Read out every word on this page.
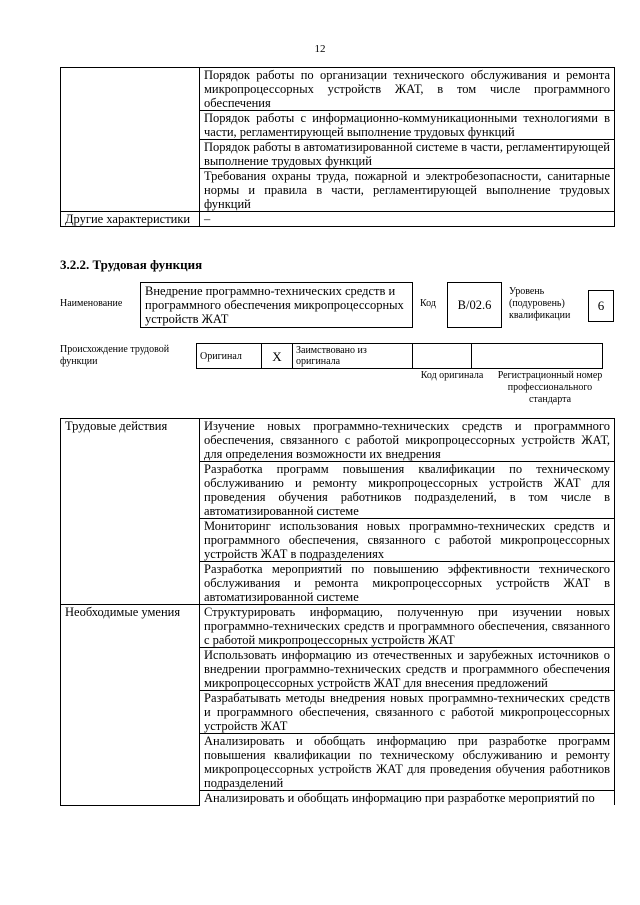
12
	Порядок работы по организации технического обслуживания и ремонта микропроцессорных устройств ЖАТ, в том числе программного обеспечения
	Порядок работы с информационно-коммуникационными технологиями в части, регламентирующей выполнение трудовых функций
	Порядок работы в автоматизированной системе в части, регламентирующей выполнение трудовых функций
	Требования охраны труда, пожарной и электробезопасности, санитарные нормы и правила в части, регламентирующей выполнение трудовых функций
Другие характеристики	–
3.2.2. Трудовая функция
Наименование
Внедрение программно-технических средств и программного обеспечения микропроцессорных устройств ЖАТ
Код	B/02.6
Уровень (подуровень) квалификации
6
Происхождение трудовой функции	Оригинал	X	Заимствовано из оригинала		
Код оригинала	Регистрационный номер профессионального стандарта
Трудовые действия	Изучение новых программно-технических средств и программного обеспечения, связанного с работой микропроцессорных устройств ЖАТ, для определения возможности их внедрения
	Разработка программ повышения квалификации по техническому обслуживанию и ремонту микропроцессорных устройств ЖАТ для проведения обучения работников подразделений, в том числе в автоматизированной системе
	Мониторинг использования новых программно-технических средств и программного обеспечения, связанного с работой микропроцессорных устройств ЖАТ в подразделениях
	Разработка мероприятий по повышению эффективности технического обслуживания и ремонта микропроцессорных устройств ЖАТ в автоматизированной системе
Необходимые умения	Структурировать информацию, полученную при изучении новых программно-технических средств и программного обеспечения, связанного с работой микропроцессорных устройств ЖАТ
	Использовать информацию из отечественных и зарубежных источников о внедрении программно-технических средств и программного обеспечения микропроцессорных устройств ЖАТ для внесения предложений
	Разрабатывать методы внедрения новых программно-технических средств и программного обеспечения, связанного с работой микропроцессорных устройств ЖАТ
	Анализировать и обобщать информацию при разработке программ повышения квалификации по техническому обслуживанию и ремонту микропроцессорных устройств ЖАТ для проведения обучения работников подразделений
	Анализировать и обобщать информацию при разработке мероприятий по
